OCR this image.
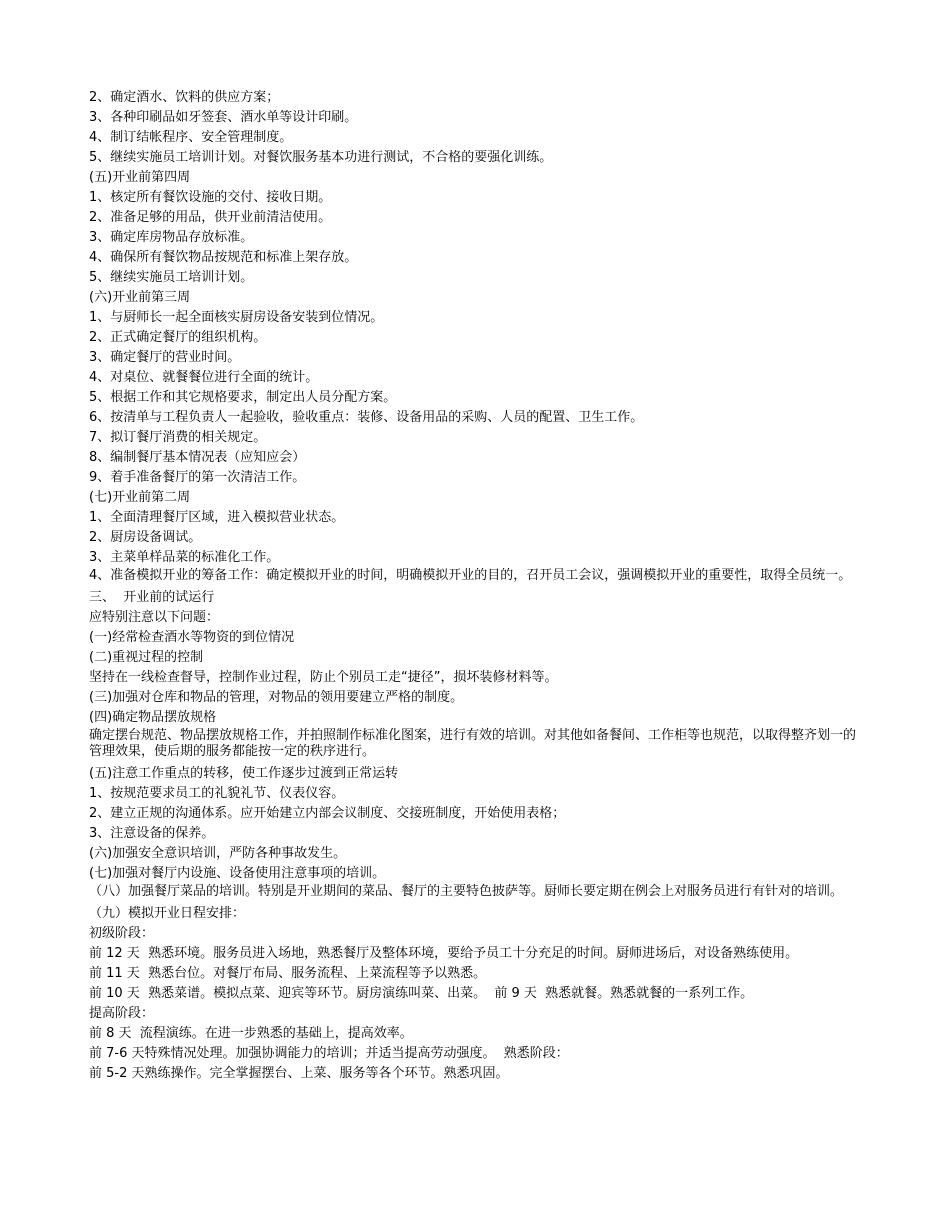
2、确定酒水、饮料的供应方案；

3、各种印刷品如牙签套、酒水单等设计印刷。

4、制订结帐程序、安全管理制度。

5、继续实施员工培训计划。对餐饮服务基本功进行测试，不合格的要强化训练。

(五)开业前第四周

1、核定所有餐饮设施的交付、接收日期。

2、准备足够的用品，供开业前清洁使用。

3、确定库房物品存放标准。

4、确保所有餐饮物品按规范和标准上架存放。

5、继续实施员工培训计划。

(六)开业前第三周

1、与厨师长一起全面核实厨房设备安装到位情况。

2、正式确定餐厅的组织机构。

3、确定餐厅的营业时间。

4、对桌位、就餐餐位进行全面的统计。

5、根据工作和其它规格要求，制定出人员分配方案。

6、按清单与工程负责人一起验收，验收重点：装修、设备用品的采购、人员的配置、卫生工作。

7、拟订餐厅消费的相关规定。

8、编制餐厅基本情况表（应知应会）

9、着手准备餐厅的第一次清洁工作。

(七)开业前第二周

1、全面清理餐厅区域，进入模拟营业状态。

2、厨房设备调试。

3、主菜单样品菜的标准化工作。

4、准备模拟开业的筹备工作：确定模拟开业的时间，明确模拟开业的目的，召开员工会议，强调模拟开业的重要性，取得全员统一。

三、  开业前的试运行

应特别注意以下问题：

(一)经常检查酒水等物资的到位情况

(二)重视过程的控制

坚持在一线检查督导，控制作业过程，防止个别员工走“捷径”，损坏装修材料等。

(三)加强对仓库和物品的管理，对物品的领用要建立严格的制度。

(四)确定物品摆放规格

确定摆台规范、物品摆放规格工作，并拍照制作标准化图案，进行有效的培训。对其他如备餐间、工作柜等也规范，以取得整齐划一的管理效果，使后期的服务都能按一定的秩序进行。

(五)注意工作重点的转移，使工作逐步过渡到正常运转

1、按规范要求员工的礼貌礼节、仪表仪容。

2、建立正规的沟通体系。应开始建立内部会议制度、交接班制度，开始使用表格；

3、注意设备的保养。

(六)加强安全意识培训，严防各种事故发生。

(七)加强对餐厅内设施、设备使用注意事项的培训。

（八）加强餐厅菜品的培训。特别是开业期间的菜品、餐厅的主要特色披萨等。厨师长要定期在例会上对服务员进行有针对的培训。

（九）模拟开业日程安排：

初级阶段：

前 12 天  熟悉环境。服务员进入场地，熟悉餐厅及整体环境，要给予员工十分充足的时间。厨师进场后，对设备熟练使用。

前 11 天  熟悉台位。对餐厅布局、服务流程、上菜流程等予以熟悉。

前 10 天  熟悉菜谱。模拟点菜、迎宾等环节。厨房演练叫菜、出菜。  前 9 天  熟悉就餐。熟悉就餐的一系列工作。

提高阶段：

前 8 天  流程演练。在进一步熟悉的基础上，提高效率。

前 7-6 天特殊情况处理。加强协调能力的培训；并适当提高劳动强度。  熟悉阶段：

前 5-2 天熟练操作。完全掌握摆台、上菜、服务等各个环节。熟悉巩固。
